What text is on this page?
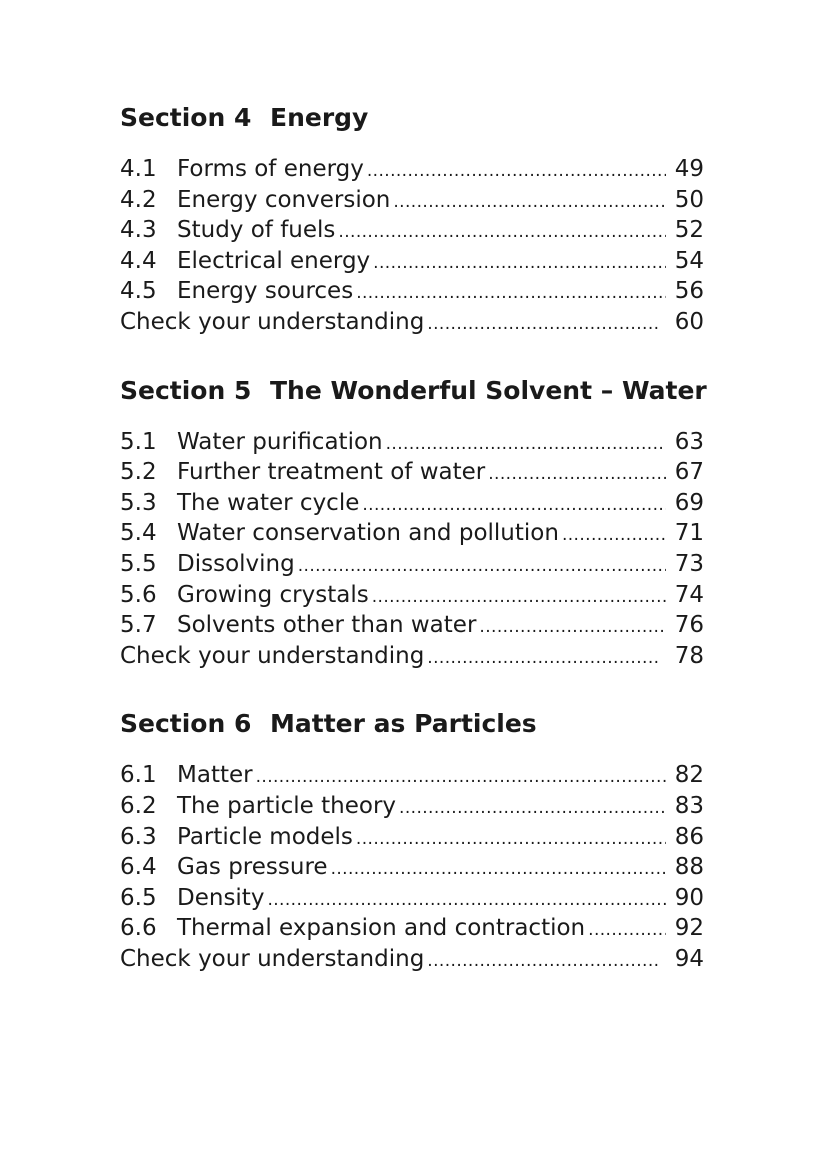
Section 4 Energy
4.1 Forms of energy .....	49
4.2 Energy conversion .....	50
4.3 Study of fuels .....	52
4.4 Electrical energy .....	54
4.5 Energy sources .....	56
Check your understanding .....	60
Section 5 The Wonderful Solvent – Water
5.1 Water purification .....	63
5.2 Further treatment of water .....	67
5.3 The water cycle .....	69
5.4 Water conservation and pollution .....	71
5.5 Dissolving .....	73
5.6 Growing crystals .....	74
5.7 Solvents other than water .....	76
Check your understanding .....	78
Section 6 Matter as Particles
6.1 Matter .....	82
6.2 The particle theory .....	83
6.3 Particle models .....	86
6.4 Gas pressure .....	88
6.5 Density .....	90
6.6 Thermal expansion and contraction .....	92
Check your understanding .....	94
